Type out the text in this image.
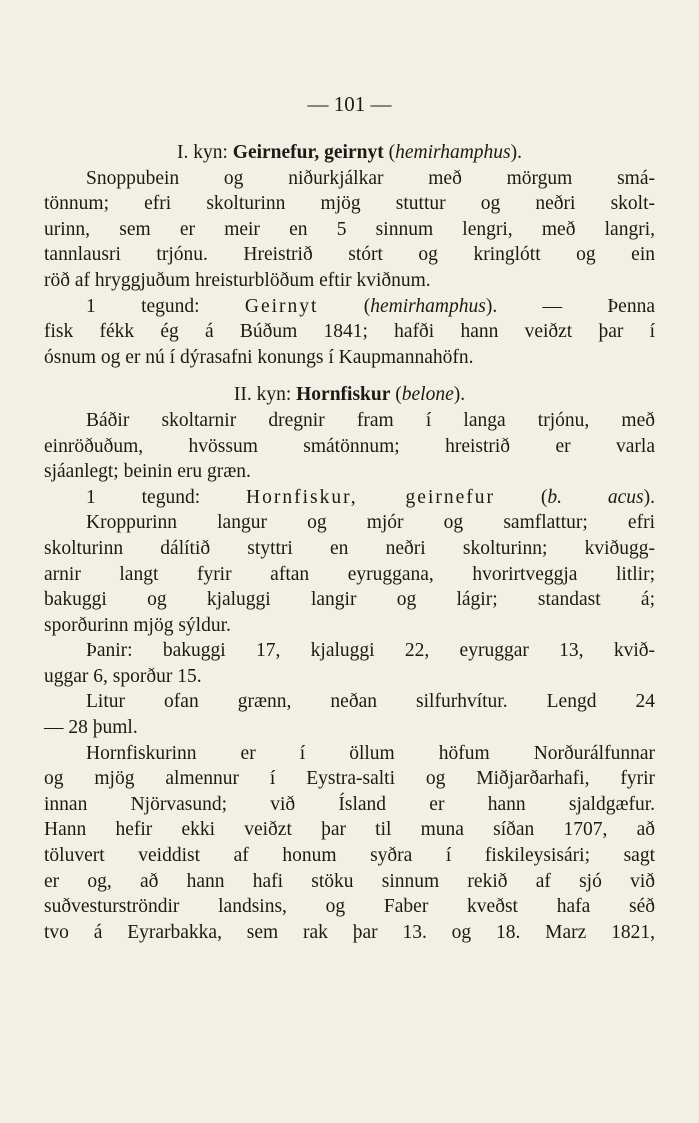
— 101 —
I. kyn: Geirnefur, geirnyt (hemirhamphus).
Snoppubein og niðurkjálkar með mörgum smá-
tönnum; efri skolturinn mjög stuttur og neðri skolt-
urinn, sem er meir en 5 sinnum lengri, með langri,
tannlausri trjónu. Hreistrið stórt og kringlótt og ein
röð af hryggjuðum hreisturblöðum eftir kviðnum.
1 tegund: Geirnyt (hemirhamphus). — Þenna
fisk fékk ég á Búðum 1841; hafði hann veiðzt þar í
ósnum og er nú í dýrasafni konungs í Kaupmannahöfn.
II. kyn: Hornfiskur (belone).
Báðir skoltarnir dregnir fram í langa trjónu, með
einröðuðum, hvössum smátönnum; hreistrið er varla
sjáanlegt; beinin eru græn.
1 tegund: Hornfiskur, geirnefur (b. acus).
Kroppurinn langur og mjór og samflattur; efri
skolturinn dálítið styttri en neðri skolturinn; kviðugg-
arnir langt fyrir aftan eyruggana, hvorirtveggja litlir;
bakuggi og kjaluggi langir og lágir; standast á;
sporðurinn mjög sýldur.
Þanir: bakuggi 17, kjaluggi 22, eyruggar 13, kvið-
uggar 6, sporður 15.
Litur ofan grænn, neðan silfurhvítur. Lengd 24
— 28 þuml.
Hornfiskurinn er í öllum höfum Norðurálfunnar
og mjög almennur í Eystra-salti og Miðjarðarhafi, fyrir
innan Njörvasund; við Ísland er hann sjaldgæfur.
Hann hefir ekki veiðzt þar til muna síðan 1707, að
töluvert veiddist af honum syðra í fiskileysisári; sagt
er og, að hann hafi stöku sinnum rekið af sjó við
suðvesturströndir landsins, og Faber kveðst hafa séð
tvo á Eyrarbakka, sem rak þar 13. og 18. Marz 1821,
